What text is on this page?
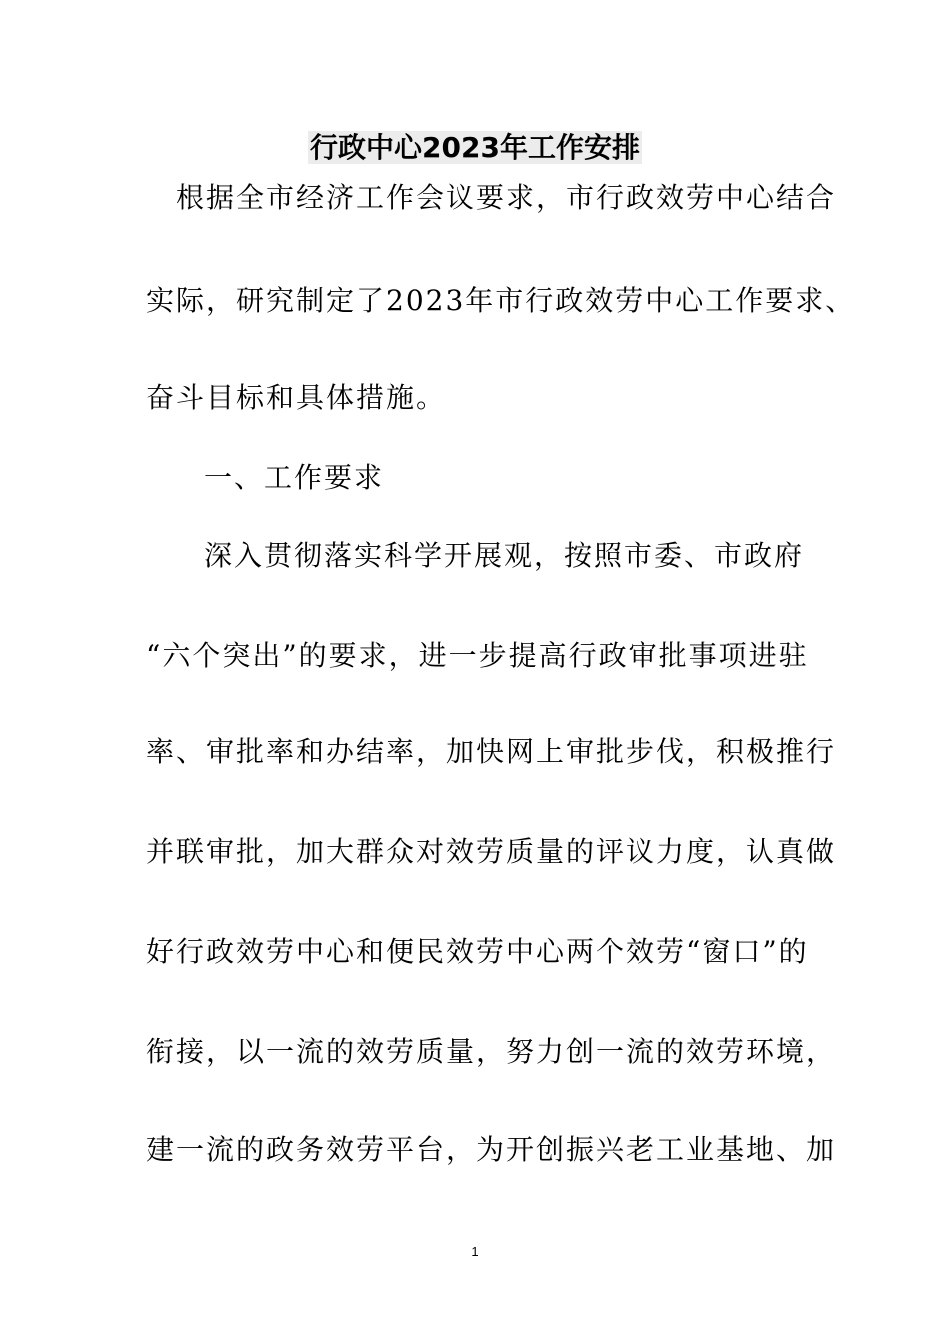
行政中心2023年工作安排
根据全市经济工作会议要求，市行政效劳中心结合
实际，研究制定了2023年市行政效劳中心工作要求、
奋斗目标和具体措施。
一、工作要求
深入贯彻落实科学开展观，按照市委、市政府
“六个突出”的要求，进一步提高行政审批事项进驻
率、审批率和办结率，加快网上审批步伐，积极推行
并联审批，加大群众对效劳质量的评议力度，认真做
好行政效劳中心和便民效劳中心两个效劳“窗口”的
衔接，以一流的效劳质量，努力创一流的效劳环境，
建一流的政务效劳平台，为开创振兴老工业基地、加
1
